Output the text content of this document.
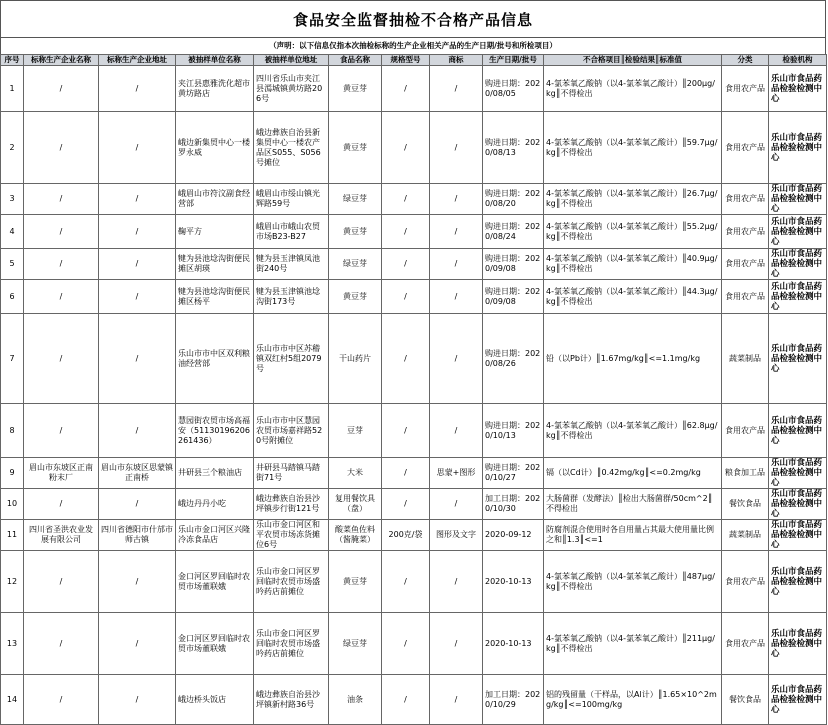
食品安全监督抽检不合格产品信息
（声明：以下信息仅指本次抽检标称的生产企业相关产品的生产日期/批号和所检项目）
序号	标称生产企业名称	标称生产企业地址	被抽样单位名称	被抽样单位地址	食品名称	规格型号	商标	生产日期/批号	不合格项目║检验结果║标准值	分类	检验机构
1	/	/	夹江县惠雅洗化超市黄坊路店	四川省乐山市夹江县漹城镇黄坊路206号	黄豆芽	/	/	购进日期：2020/08/05	4-氯苯氧乙酸钠（以4-氯苯氧乙酸计）║200μg/kg║不得检出	食用农产品	乐山市食品药品检验检测中心
2	/	/	峨边新集贸中心一楼罗永威	峨边彝族自治县新集贸中心一楼农产品区S055、S056号摊位	黄豆芽	/	/	购进日期：2020/08/13	4-氯苯氧乙酸钠（以4-氯苯氧乙酸计）║59.7μg/kg║不得检出	食用农产品	乐山市食品药品检验检测中心
3	/	/	峨眉山市符汶副食经营部	峨眉山市绥山镇光辉路59号	绿豆芽	/	/	购进日期：2020/08/20	4-氯苯氧乙酸钠（以4-氯苯氧乙酸计）║26.7μg/kg║不得检出	食用农产品	乐山市食品药品检验检测中心
4	/	/	鞠平方	峨眉山市峨山农贸市场B23-B27	黄豆芽	/	/	购进日期：2020/08/24	4-氯苯氧乙酸钠（以4-氯苯氧乙酸计）║55.2μg/kg║不得检出	食用农产品	乐山市食品药品检验检测中心
5	/	/	犍为县池埝沟街便民摊区胡瑛	犍为县玉津镇凤池街240号	绿豆芽	/	/	购进日期：2020/09/08	4-氯苯氧乙酸钠（以4-氯苯氧乙酸计）║40.9μg/kg║不得检出	食用农产品	乐山市食品药品检验检测中心
6	/	/	犍为县池埝沟街便民摊区杨平	犍为县玉津镇池埝沟街173号	黄豆芽	/	/	购进日期：2020/09/08	4-氯苯氧乙酸钠（以4-氯苯氧乙酸计）║44.3μg/kg║不得检出	食用农产品	乐山市食品药品检验检测中心
7	/	/	乐山市市中区双利粮油经营部	乐山市市中区苏稽镇双红村5组2079号	干山药片	/	/	购进日期：2020/08/26	铅（以Pb计）║1.67mg/kg║<=1.1mg/kg	蔬菜制品	乐山市食品药品检验检测中心
8	/	/	慧园街农贸市场高福安（511301962062​61436）	乐山市市中区慧园农贸市场嘉祥路520号附摊位	豆芽	/	/	购进日期：2020/10/13	4-氯苯氧乙酸钠（以4-氯苯氧乙酸计）║62.8μg/kg║不得检出	食用农产品	乐山市食品药品检验检测中心
9	眉山市东坡区正南粉末厂	眉山市东坡区思蒙镇正南桥	井研县三个粮油店	井研县马踏镇马踏街71号	大米	/	思蒙+图形	购进日期：2020/10/27	镉（以Cd计）║0.42mg/kg║<=0.2mg/kg	粮食加工品	乐山市食品药品检验检测中心
10	/	/	峨边丹丹小吃	峨边彝族自治县沙坪镇步行街121号	复用餐饮具（盘）	/	/	加工日期：2020/10/30	大肠菌群（发酵法）║检出大肠菌群/50cm^2║不得检出	餐饮食品	乐山市食品药品检验检测中心
11	四川省圣洪农业发展有限公司	四川省德阳市什邡市师古镇	乐山市金口河区兴隆冷冻食品店	乐山市金口河区和平农贸市场冻货摊位6号	酸菜鱼佐料（酱腌菜）	200克/袋	图形及文字	2020-09-12	防腐剂混合使用时各自用量占其最大使用量比例之和║1.3║<=1	蔬菜制品	乐山市食品药品检验检测中心
12	/	/	金口河区罗回临时农贸市场董联娥	乐山市金口河区罗回临时农贸市场盛吟药店前摊位	黄豆芽	/	/	2020-10-13	4-氯苯氧乙酸钠（以4-氯苯氧乙酸计）║487μg/kg║不得检出	食用农产品	乐山市食品药品检验检测中心
13	/	/	金口河区罗回临时农贸市场董联娥	乐山市金口河区罗回临时农贸市场盛吟药店前摊位	绿豆芽	/	/	2020-10-13	4-氯苯氧乙酸钠（以4-氯苯氧乙酸计）║211μg/kg║不得检出	食用农产品	乐山市食品药品检验检测中心
14	/	/	峨边桥头饭店	峨边彝族自治县沙坪镇新村路36号	油条	/	/	加工日期：2020/10/29	铝的残留量（干样品，以Al计）║1.65×10^2mg/kg║<=100mg/kg	餐饮食品	乐山市食品药品检验检测中心
